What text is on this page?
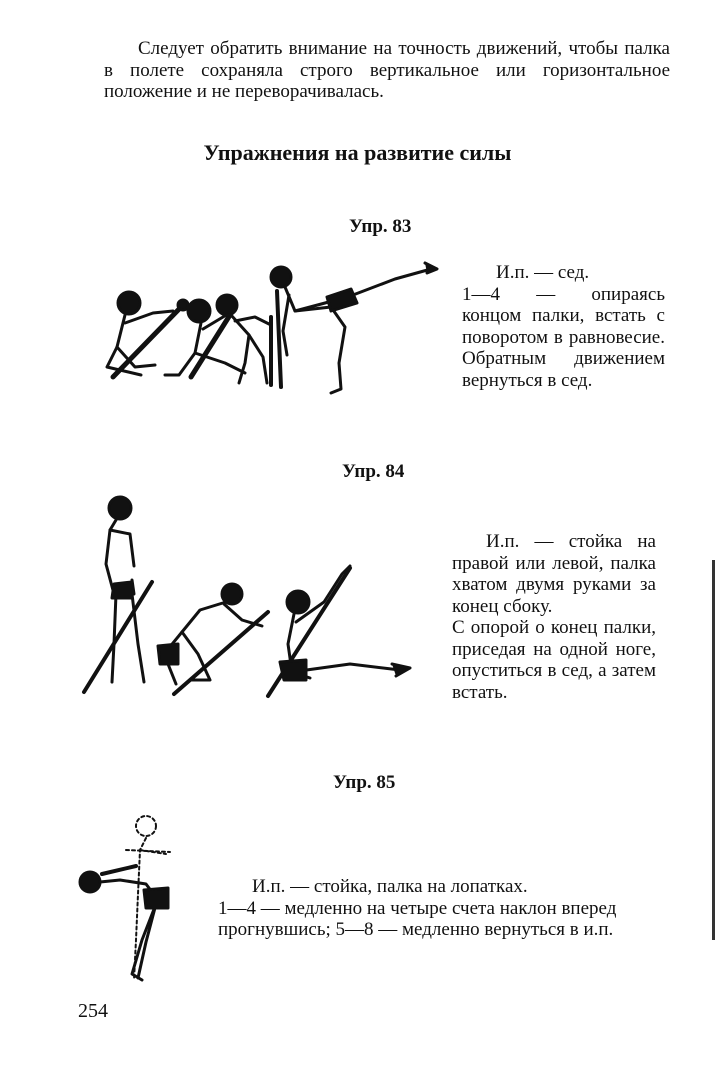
Следует обратить внимание на точность движений, чтобы палка в полете сохраняла строго вертикальное или горизонтальное положение и не переворачивалась.
Упражнения на развитие силы
Упр. 83
И.п. — сед.
1—4 — опираясь концом палки, встать с поворотом в равновесие. Обратным движением вернуться в сед.
Упр. 84
И.п. — стойка на правой или левой, палка хватом двумя руками за конец сбоку.
С опорой о конец палки, приседая на одной ноге, опуститься в сед, а затем встать.
Упр. 85
И.п. — стойка, палка на лопатках.
1—4 — медленно на четыре счета наклон вперед прогнувшись; 5—8 — медленно вернуться в и.п.
254
